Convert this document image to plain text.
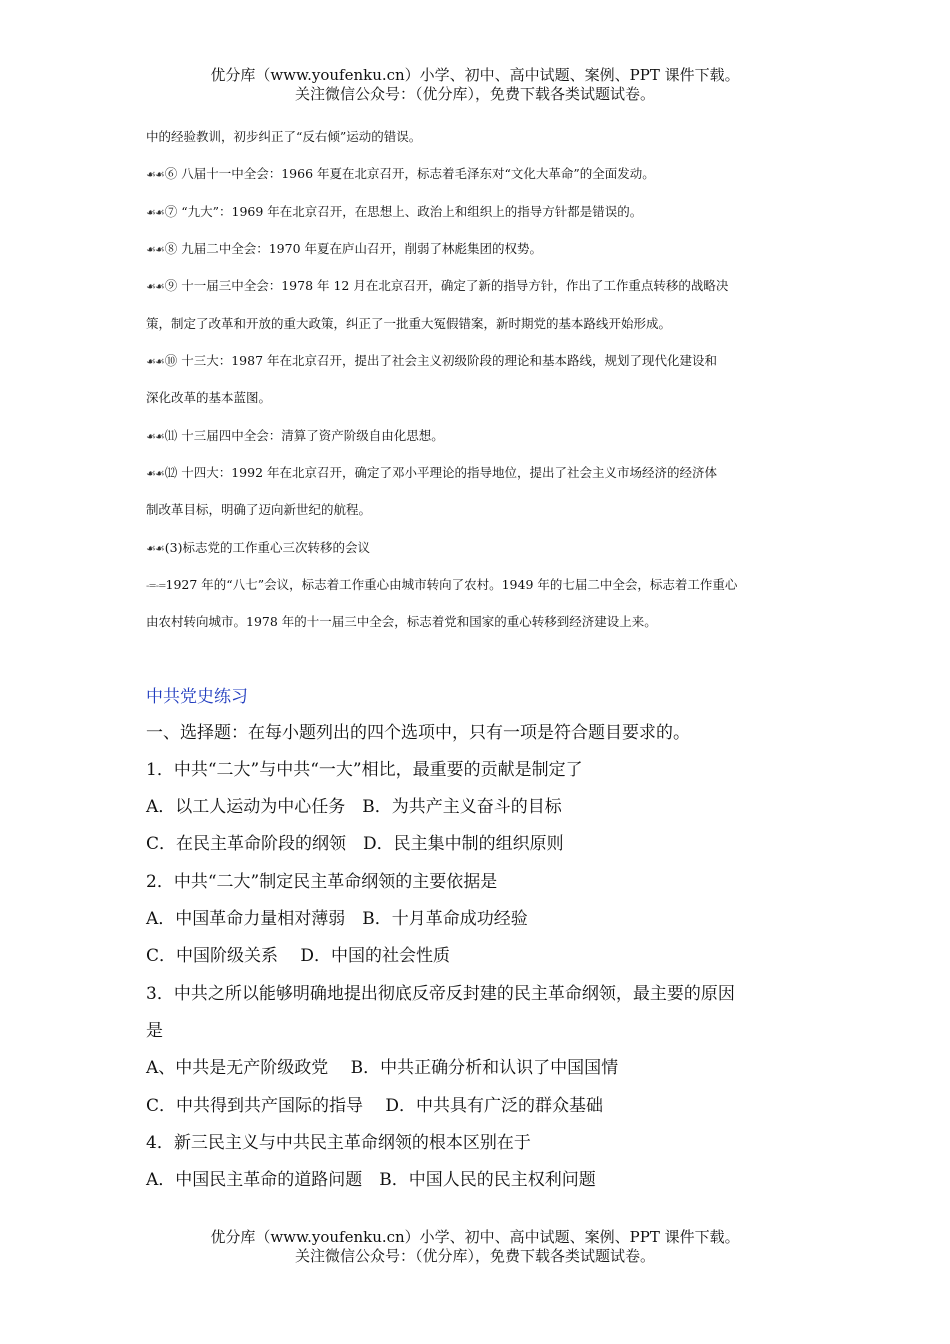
优分库（www.youfenku.cn）小学、初中、高中试题、案例、PPT 课件下载。
关注微信公众号：（优分库），免费下载各类试题试卷。
中的经验教训，初步纠正了“反右倾”运动的错误。
☙☙⑥ 八届十一中全会：1966 年夏在北京召开，标志着毛泽东对“文化大革命”的全面发动。
☙☙⑦ “九大”：1969 年在北京召开，在思想上、政治上和组织上的指导方针都是错误的。
☙☙⑧ 九届二中全会：1970 年夏在庐山召开，削弱了林彪集团的权势。
☙☙⑨ 十一届三中全会：1978 年 12 月在北京召开，确定了新的指导方针，作出了工作重点转移的战略决
策，制定了改革和开放的重大政策，纠正了一批重大冤假错案，新时期党的基本路线开始形成。
☙☙⑩ 十三大：1987 年在北京召开，提出了社会主义初级阶段的理论和基本路线，规划了现代化建设和
深化改革的基本蓝图。
☙☙⑾ 十三届四中全会：清算了资产阶级自由化思想。
☙☙⑿ 十四大：1992 年在北京召开，确定了邓小平理论的指导地位，提出了社会主义市场经济的经济体
制改革目标，明确了迈向新世纪的航程。
☙☙(3)标志党的工作重心三次转移的会议
-=-=1927 年的“八七”会议，标志着工作重心由城市转向了农村。1949 年的七届二中全会，标志着工作重心
由农村转向城市。1978 年的十一届三中全会，标志着党和国家的重心转移到经济建设上来。
中共党史练习
一、选择题：在每小题列出的四个选项中，只有一项是符合题目要求的。
1．中共“二大”与中共“一大”相比，最重要的贡献是制定了
A．以工人运动为中心任务　B．为共产主义奋斗的目标
C．在民主革命阶段的纲领　D．民主集中制的组织原则
2．中共“二大”制定民主革命纲领的主要依据是
A．中国革命力量相对薄弱　B．十月革命成功经验
C．中国阶级关系　 D．中国的社会性质
3．中共之所以能够明确地提出彻底反帝反封建的民主革命纲领，最主要的原因
是
A、中共是无产阶级政党　 B．中共正确分析和认识了中国国情
C．中共得到共产国际的指导　 D．中共具有广泛的群众基础
4．新三民主义与中共民主革命纲领的根本区别在于
A．中国民主革命的道路问题　B．中国人民的民主权利问题
优分库（www.youfenku.cn）小学、初中、高中试题、案例、PPT 课件下载。
关注微信公众号：（优分库），免费下载各类试题试卷。
